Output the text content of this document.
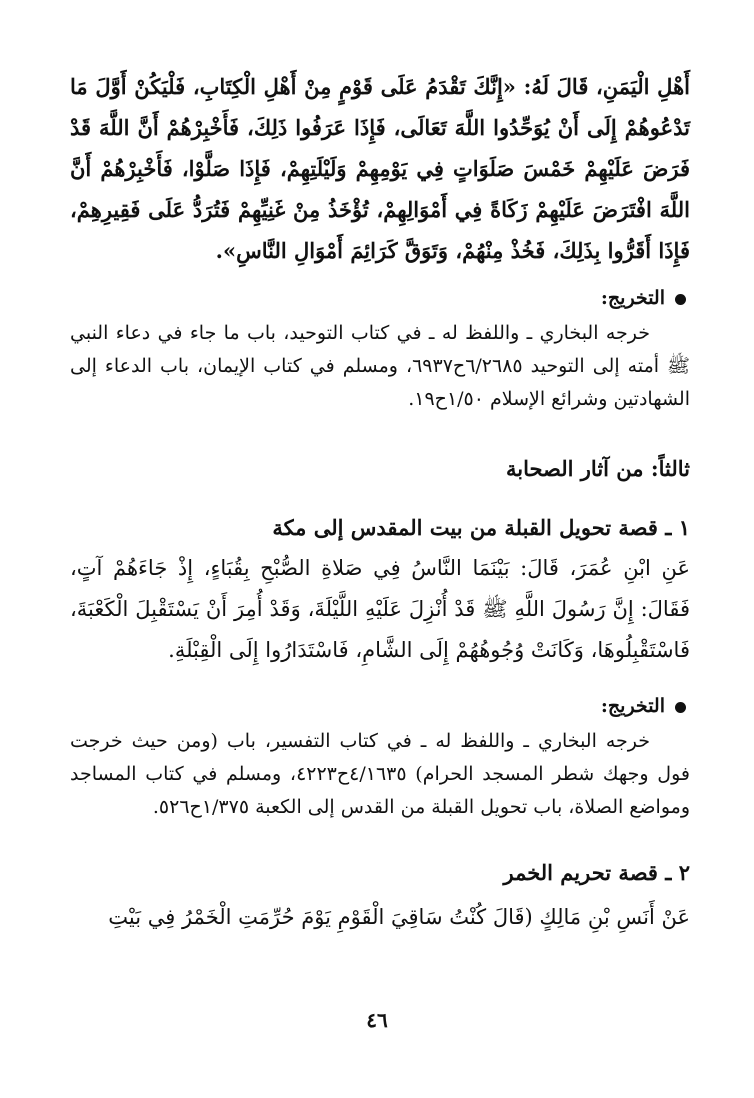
أَهْلِ الْيَمَنِ، قَالَ لَهُ: «إِنَّكَ تَقْدَمُ عَلَى قَوْمٍ مِنْ أَهْلِ الْكِتَابِ، فَلْيَكُنْ أَوَّلَ مَا تَدْعُوهُمْ إِلَى أَنْ يُوَحِّدُوا اللَّهَ تَعَالَى، فَإِذَا عَرَفُوا ذَلِكَ، فَأَخْبِرْهُمْ أَنَّ اللَّهَ قَدْ فَرَضَ عَلَيْهِمْ خَمْسَ صَلَوَاتٍ فِي يَوْمِهِمْ وَلَيْلَتِهِمْ، فَإِذَا صَلَّوْا، فَأَخْبِرْهُمْ أَنَّ اللَّهَ افْتَرَضَ عَلَيْهِمْ زَكَاةً فِي أَمْوَالِهِمْ، تُؤْخَذُ مِنْ غَنِيِّهِمْ فَتُرَدُّ عَلَى فَقِيرِهِمْ، فَإِذَا أَقَرُّوا بِذَلِكَ، فَخُذْ مِنْهُمْ، وَتَوَقَّ كَرَائِمَ أَمْوَالِ النَّاسِ».

التخريج:

خرجه البخاري ـ واللفظ له ـ في كتاب التوحيد، باب ما جاء في دعاء النبي ﷺ أمته إلى التوحيد ٦/٢٦٨٥ح٦٩٣٧، ومسلم في كتاب الإيمان، باب الدعاء إلى الشهادتين وشرائع الإسلام ١/٥٠ح١٩.

ثالثاً: من آثار الصحابة

١ ـ قصة تحويل القبلة من بيت المقدس إلى مكة

عَنِ ابْنِ عُمَرَ، قَالَ: بَيْنَمَا النَّاسُ فِي صَلاةِ الصُّبْحِ بِقُبَاءٍ، إِذْ جَاءَهُمْ آتٍ، فَقَالَ: إِنَّ رَسُولَ اللَّهِ ﷺ قَدْ أُنْزِلَ عَلَيْهِ اللَّيْلَةَ، وَقَدْ أُمِرَ أَنْ يَسْتَقْبِلَ الْكَعْبَةَ، فَاسْتَقْبِلُوهَا، وَكَانَتْ وُجُوهُهُمْ إِلَى الشَّامِ، فَاسْتَدَارُوا إِلَى الْقِبْلَةِ.

التخريج:

خرجه البخاري ـ واللفظ له ـ في كتاب التفسير، باب (ومن حيث خرجت فول وجهك شطر المسجد الحرام) ٤/١٦٣٥ح٤٢٢٣، ومسلم في كتاب المساجد ومواضع الصلاة، باب تحويل القبلة من القدس إلى الكعبة ١/٣٧٥ح٥٢٦.

٢ ـ قصة تحريم الخمر

عَنْ أَنَسِ بْنِ مَالِكٍ (قَالَ كُنْتُ سَاقِيَ الْقَوْمِ يَوْمَ حُرِّمَتِ الْخَمْرُ فِي بَيْتِ

٤٦
